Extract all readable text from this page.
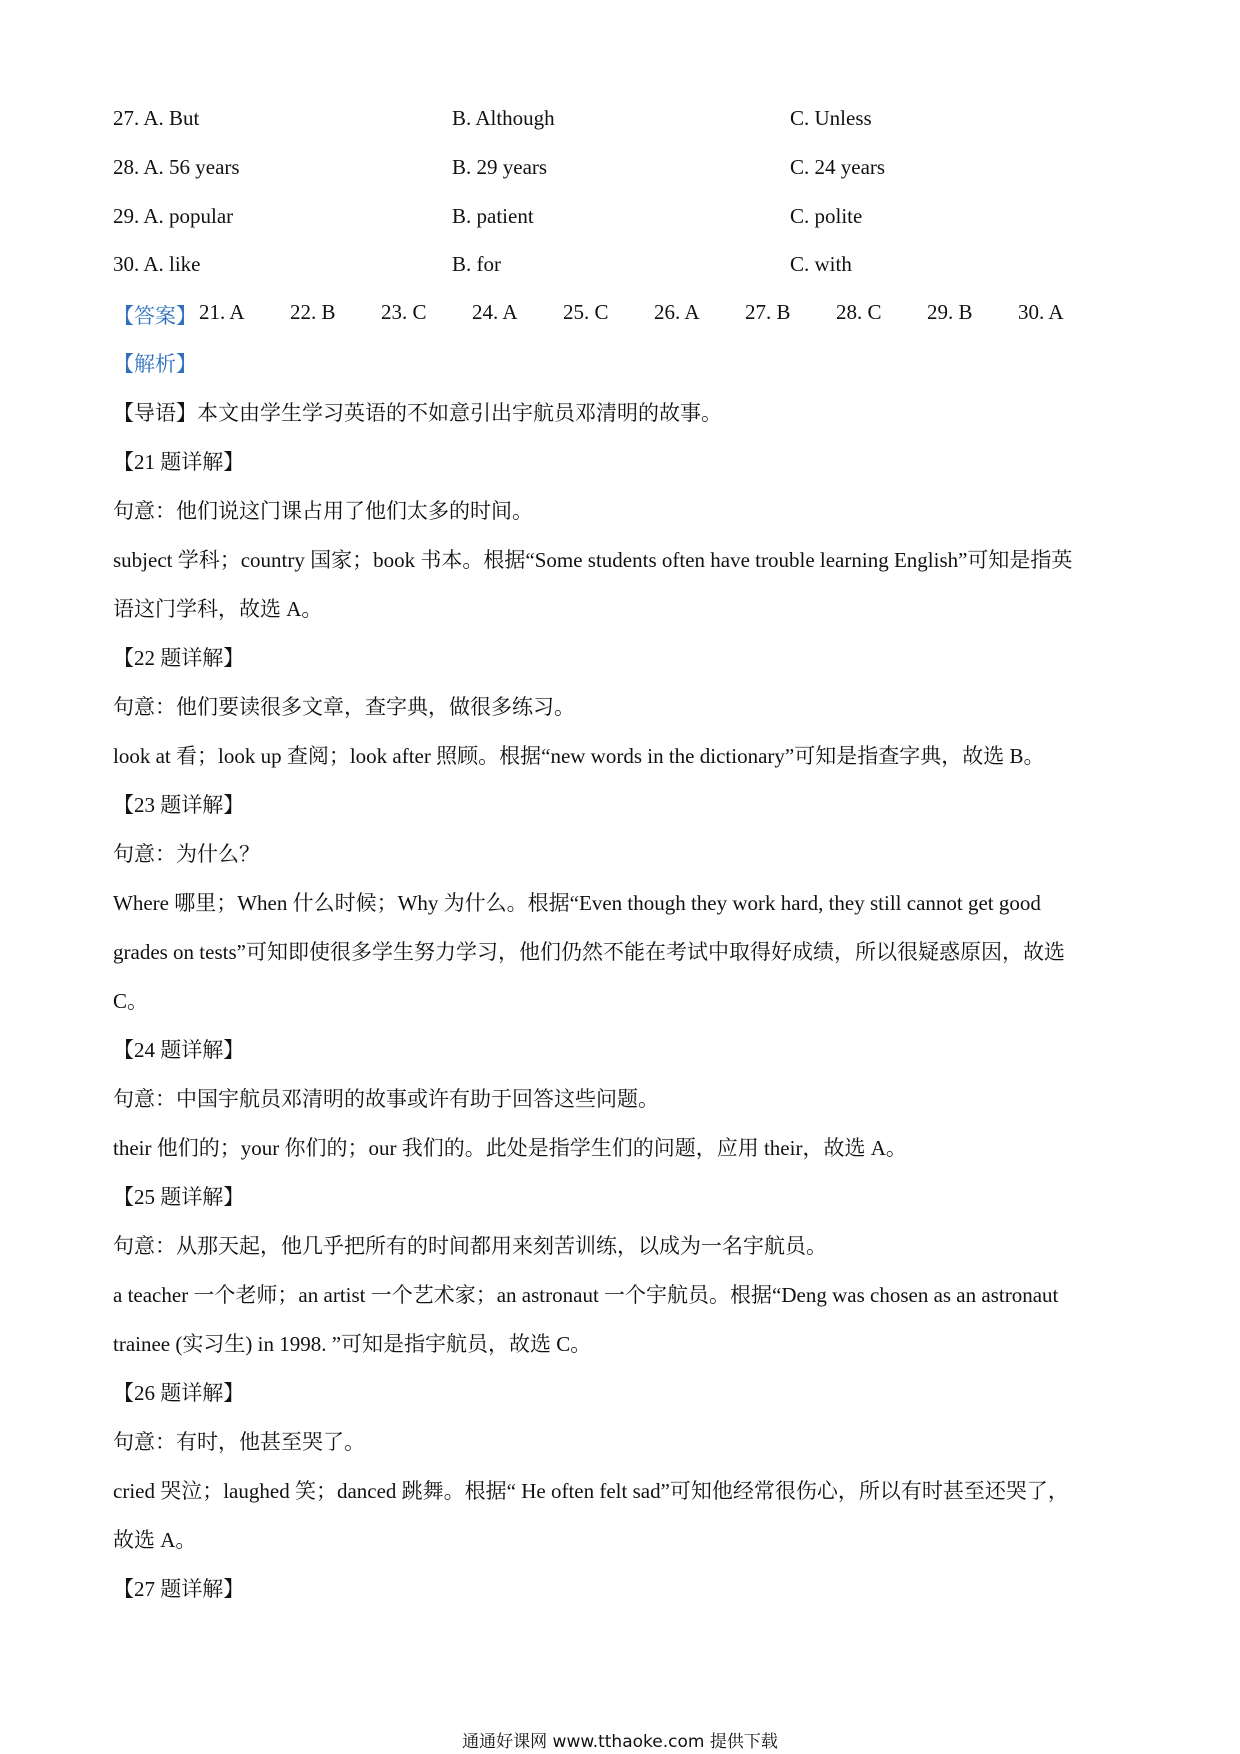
27. A. But	B. Although	C. Unless
28. A. 56 years	B. 29 years	C. 24 years
29. A. popular	B. patient	C. polite
30. A. like	B. for	C. with
【答案】 21. A 22. B 23. C 24. A 25. C 26. A 27. B 28. C 29. B 30. A
【解析】
【导语】本文由学生学习英语的不如意引出宇航员邓清明的故事。
【21 题详解】
句意：他们说这门课占用了他们太多的时间。
subject 学科；country 国家；book 书本。根据“Some students often have trouble learning English”可知是指英
语这门学科，故选 A。
【22 题详解】
句意：他们要读很多文章，查字典，做很多练习。
look at 看；look up 查阅；look after 照顾。根据“new words in the dictionary”可知是指查字典，故选 B。
【23 题详解】
句意：为什么？
Where 哪里；When 什么时候；Why 为什么。根据“Even though they work hard, they still cannot get good
grades on tests”可知即使很多学生努力学习，他们仍然不能在考试中取得好成绩，所以很疑惑原因，故选
C。
【24 题详解】
句意：中国宇航员邓清明的故事或许有助于回答这些问题。
their 他们的；your 你们的；our 我们的。此处是指学生们的问题，应用 their，故选 A。
【25 题详解】
句意：从那天起，他几乎把所有的时间都用来刻苦训练，以成为一名宇航员。
a teacher 一个老师；an artist 一个艺术家；an astronaut 一个宇航员。根据“Deng was chosen as an astronaut
trainee (实习生) in 1998. ”可知是指宇航员，故选 C。
【26 题详解】
句意：有时，他甚至哭了。
cried 哭泣；laughed 笑；danced 跳舞。根据“ He often felt sad”可知他经常很伤心，所以有时甚至还哭了，
故选 A。
【27 题详解】
通通好课网 www.tthaoke.com 提供下载
